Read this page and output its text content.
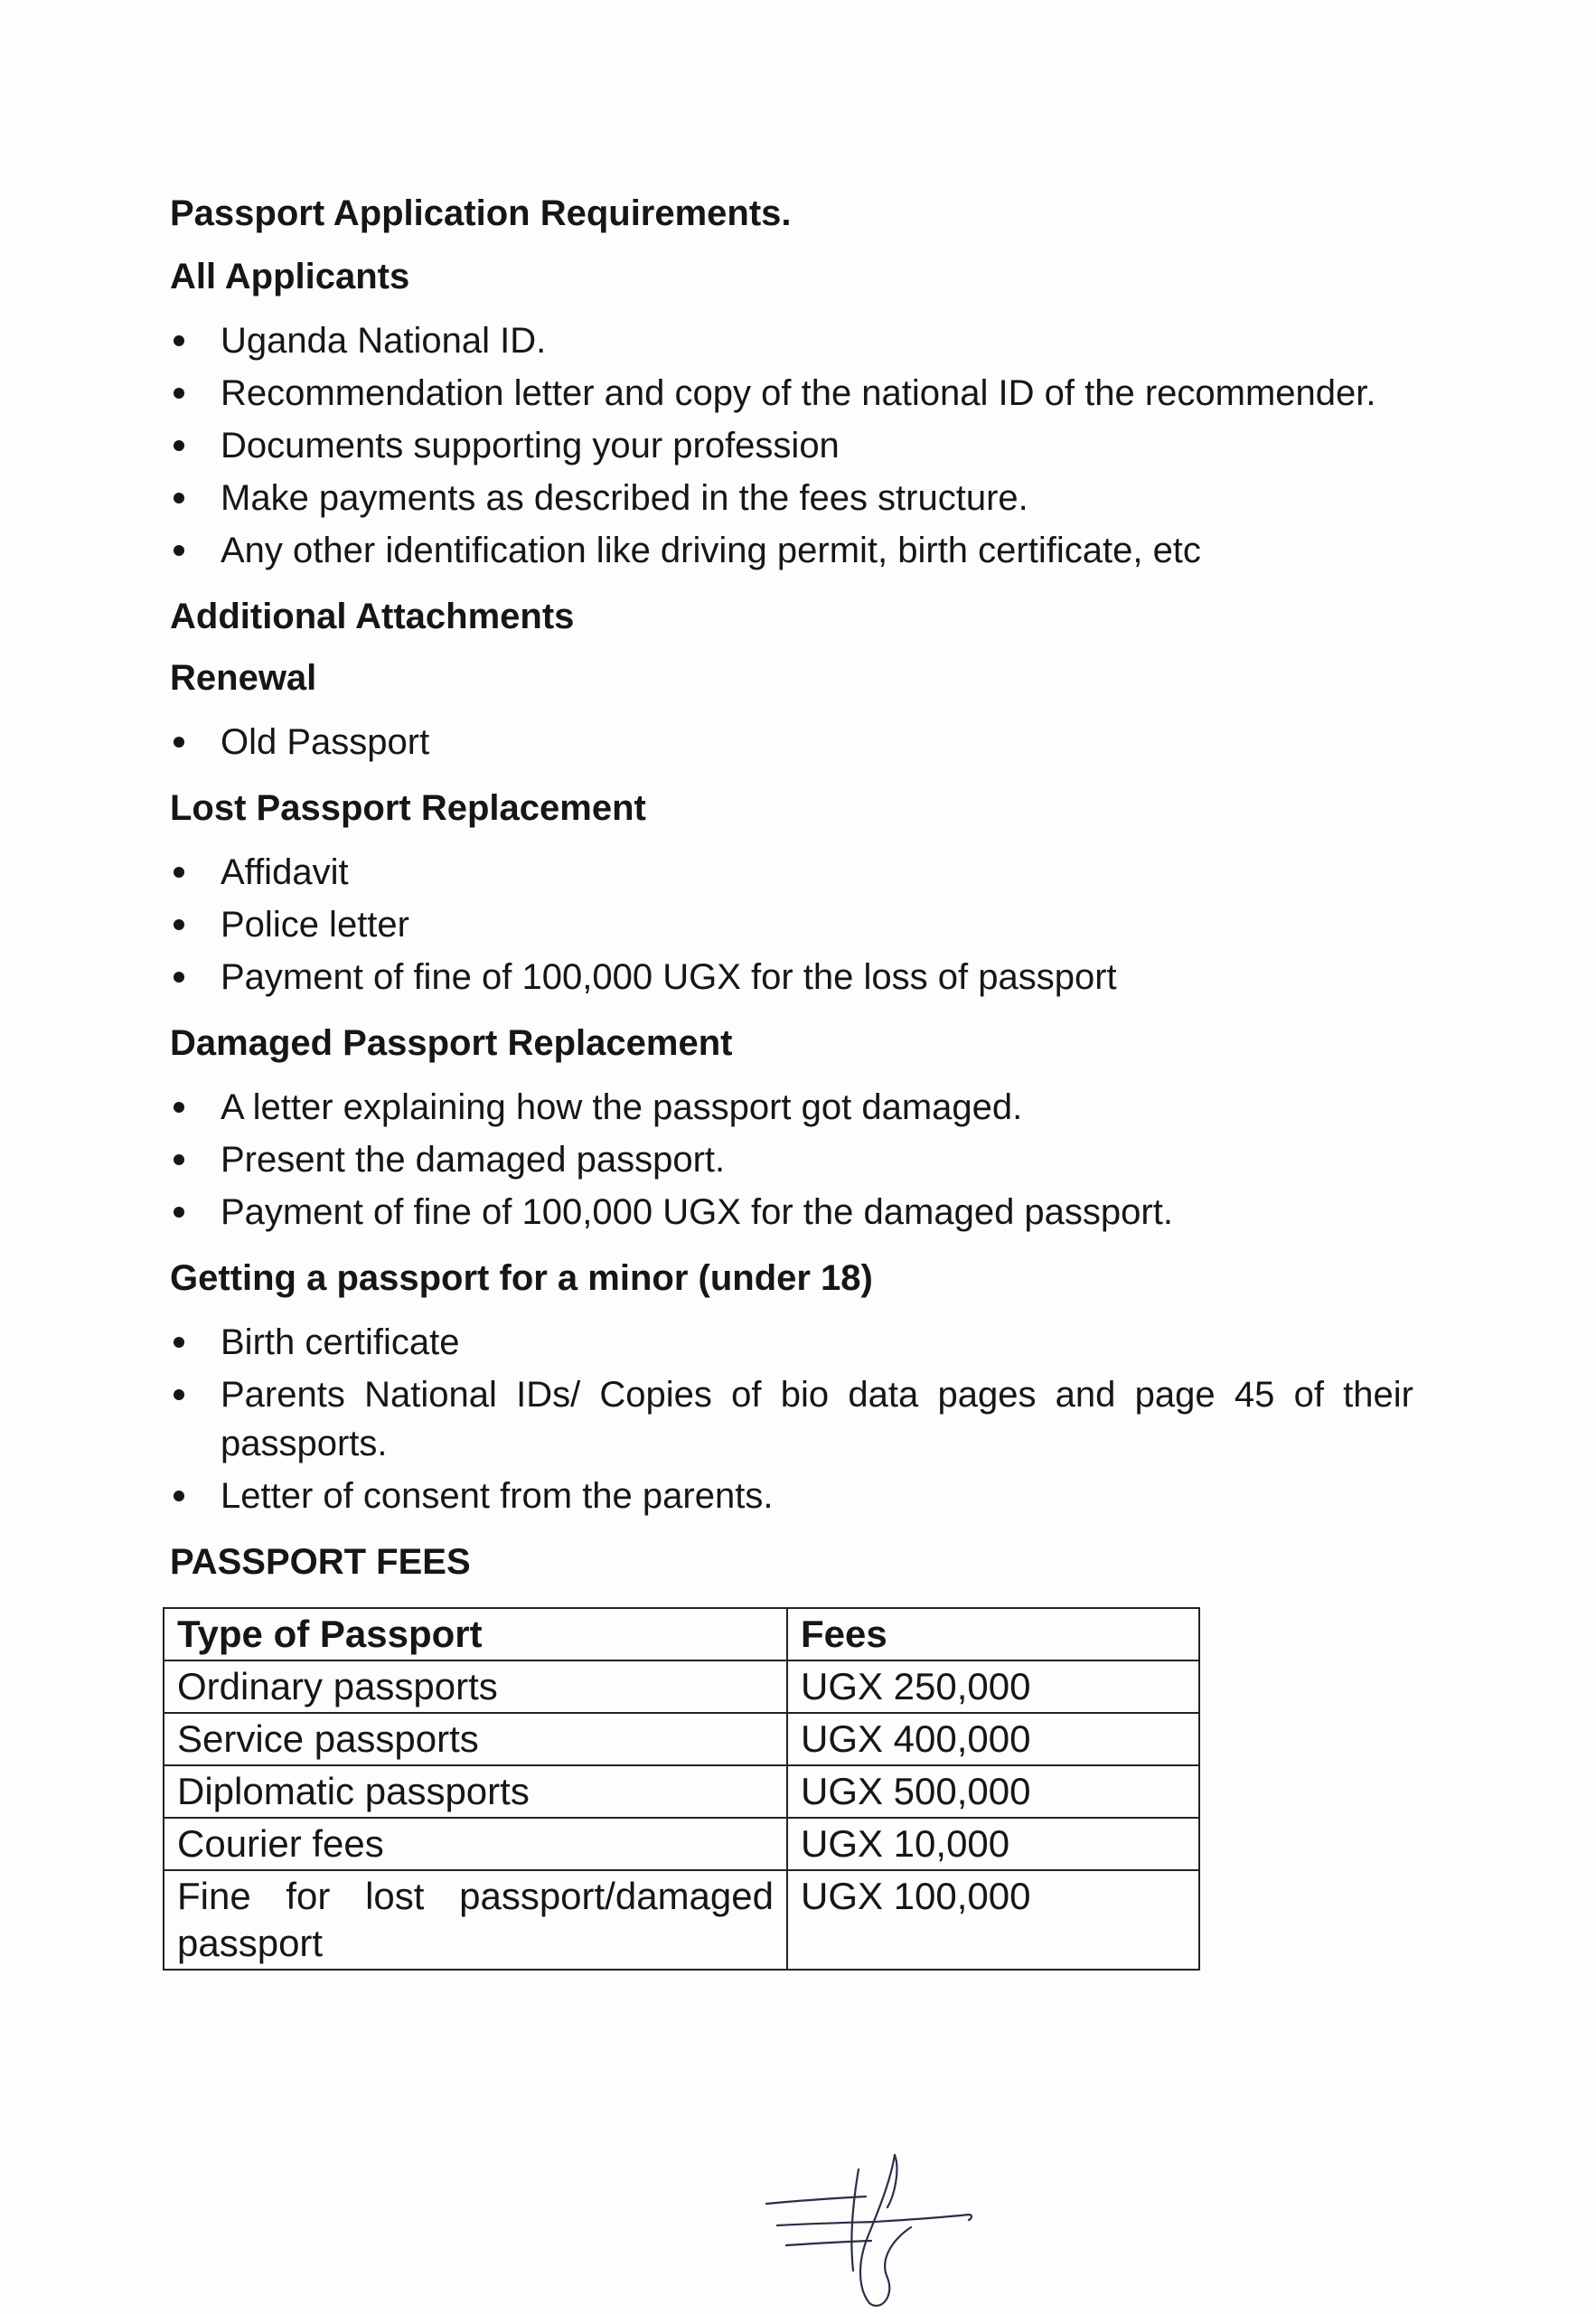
Passport Application Requirements.
All Applicants
Uganda National ID.
Recommendation letter and copy of the national ID of the recommender.
Documents supporting your profession
Make payments as described in the fees structure.
Any other identification like driving permit, birth certificate, etc
Additional Attachments
Renewal
Old Passport
Lost Passport Replacement
Affidavit
Police letter
Payment of fine of 100,000 UGX for the loss of passport
Damaged Passport Replacement
A letter explaining how the passport got damaged.
Present the damaged passport.
Payment of fine of 100,000 UGX for the damaged passport.
Getting a passport for a minor (under 18)
Birth certificate
Parents National IDs/ Copies of bio data pages and page 45 of their passports.
Letter of consent from the parents.
PASSPORT FEES
Type of Passport	Fees
Ordinary passports	UGX 250,000
Service passports	UGX 400,000
Diplomatic passports	UGX 500,000
Courier fees	UGX 10,000
Fine for lost passport/damaged passport	UGX 100,000
